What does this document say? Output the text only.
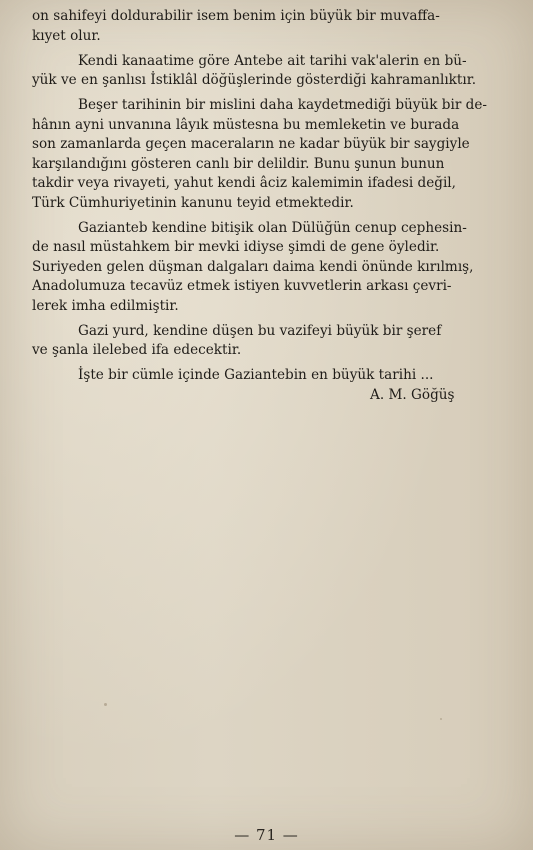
on sahifeyi doldurabilir isem benim için büyük bir muvaffa-
kıyet olur.

Kendi kanaatime göre Antebe ait tarihi vak'alerin en bü-
yük ve en şanlısı İstiklâl döğüşlerinde gösterdiği kahramanlıktır.

Beşer tarihinin bir mislini daha kaydetmediği büyük bir de-
hânın ayni unvanına lâyık müstesna bu memleketin ve burada
son zamanlarda geçen maceraların ne kadar büyük bir saygiyle
karşılandığını gösteren canlı bir delildir. Bunu şunun bunun
takdir veya rivayeti, yahut kendi âciz kalemimin ifadesi değil,
Türk Cümhuriyetinin kanunu teyid etmektedir.

Gazianteb kendine bitişik olan Dülüğün cenup cephesin-
de nasıl müstahkem bir mevki idiyse şimdi de gene öyledir.
Suriyeden gelen düşman dalgaları daima kendi önünde kırılmış,
Anadolumuza tecavüz etmek istiyen kuvvetlerin arkası çevri-
lerek imha edilmiştir.

Gazi yurd, kendine düşen bu vazifeyi büyük bir şeref
ve şanla ilelebed ifa edecektir.

İşte bir cümle içinde Gaziantebin en büyük tarihi ...

A. M. Göğüş
— 71 —
